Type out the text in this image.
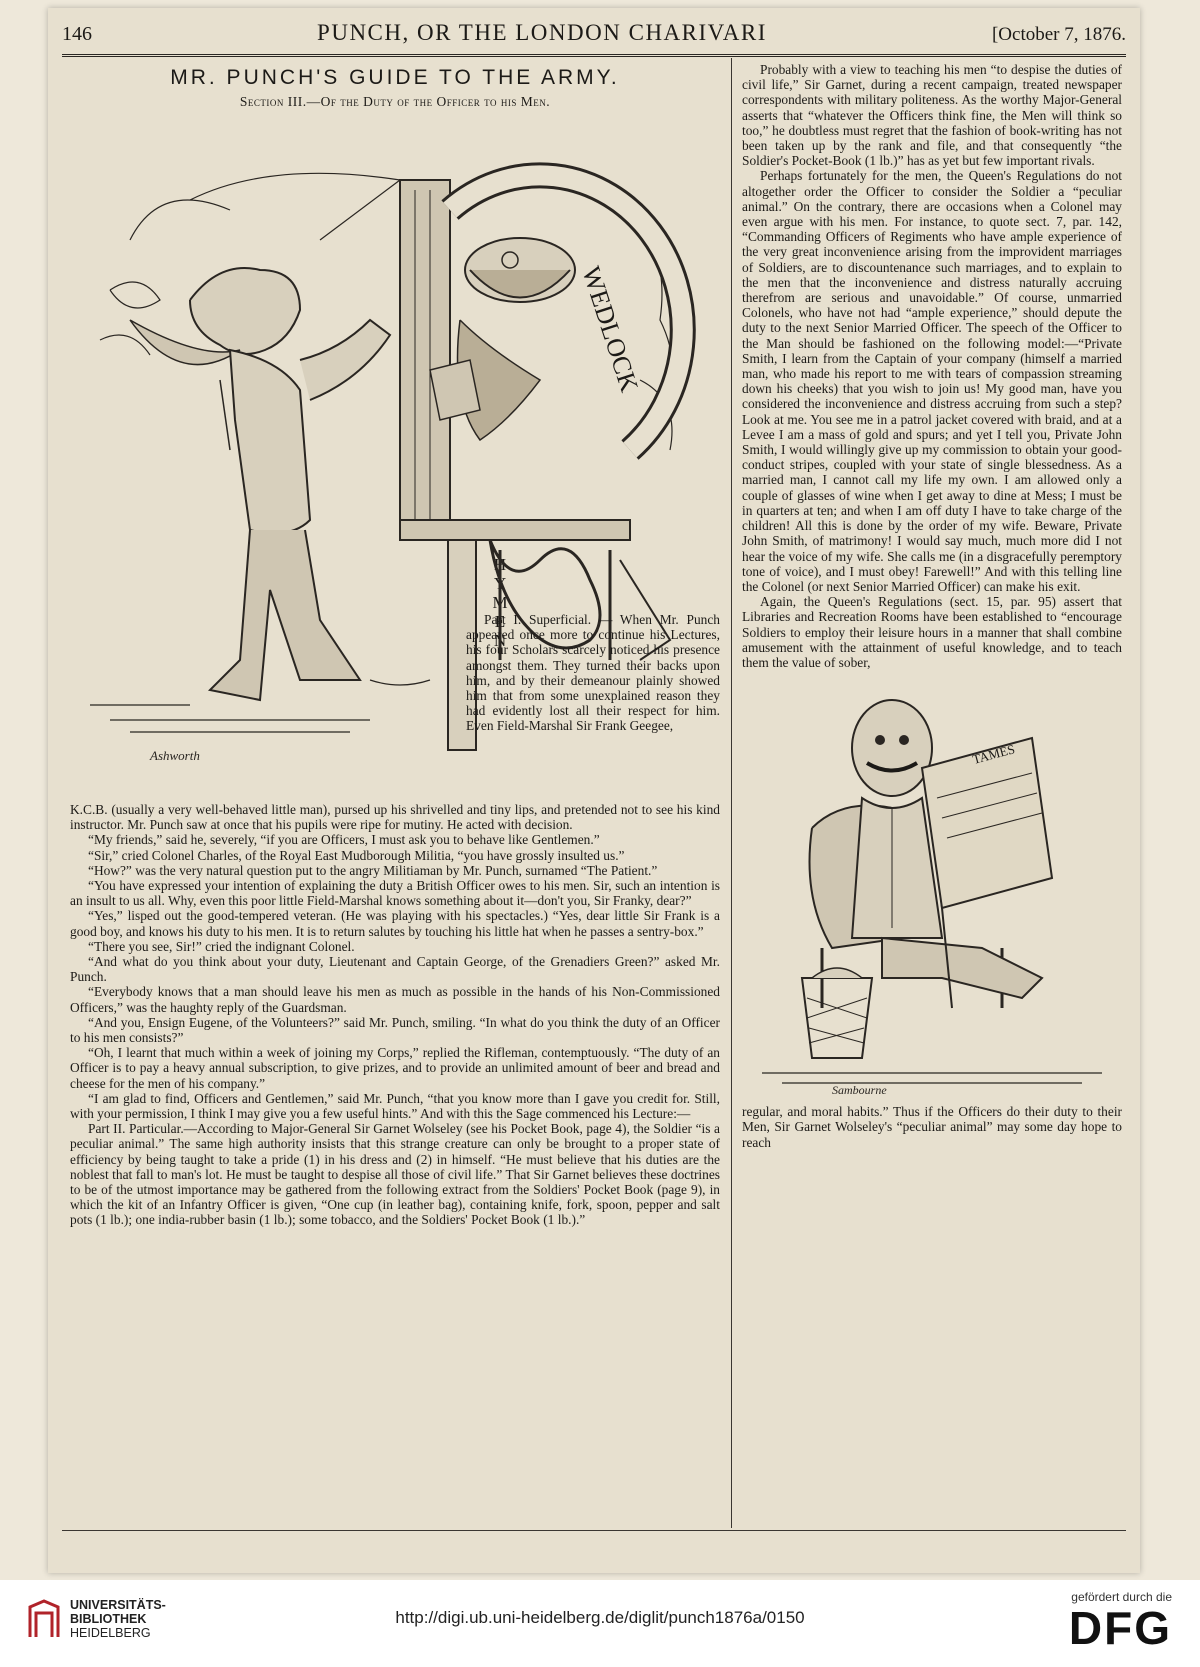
146	PUNCH, OR THE LONDON CHARIVARI	[October 7, 1876.
MR. PUNCH'S GUIDE TO THE ARMY.
Section III.—Of the Duty of the Officer to his Men.
WEDLOCK
HYMEN
Ashworth

Part I. Superficial. — When Mr. Punch appeared once more to continue his Lectures, his four Scholars scarcely noticed his presence amongst them. They turned their backs upon him, and by their demeanour plainly showed him that from some unexplained reason they had evidently lost all their respect for him. Even Field-Marshal Sir Frank Geegee,

K.C.B. (usually a very well-behaved little man), pursed up his shrivelled and tiny lips, and pretended not to see his kind instructor. Mr. Punch saw at once that his pupils were ripe for mutiny. He acted with decision.

“My friends,” said he, severely, “if you are Officers, I must ask you to behave like Gentlemen.”

“Sir,” cried Colonel Charles, of the Royal East Mudborough Militia, “you have grossly insulted us.”

“How?” was the very natural question put to the angry Militiaman by Mr. Punch, surnamed “The Patient.”

“You have expressed your intention of explaining the duty a British Officer owes to his men. Sir, such an intention is an insult to us all. Why, even this poor little Field-Marshal knows something about it—don't you, Sir Franky, dear?”

“Yes,” lisped out the good-tempered veteran. (He was playing with his spectacles.) “Yes, dear little Sir Frank is a good boy, and knows his duty to his men. It is to return salutes by touching his little hat when he passes a sentry-box.”

“There you see, Sir!” cried the indignant Colonel.

“And what do you think about your duty, Lieutenant and Captain George, of the Grenadiers Green?” asked Mr. Punch.

“Everybody knows that a man should leave his men as much as possible in the hands of his Non-Commissioned Officers,” was the haughty reply of the Guardsman.

“And you, Ensign Eugene, of the Volunteers?” said Mr. Punch, smiling. “In what do you think the duty of an Officer to his men consists?”

“Oh, I learnt that much within a week of joining my Corps,” replied the Rifleman, contemptuously. “The duty of an Officer is to pay a heavy annual subscription, to give prizes, and to provide an unlimited amount of beer and bread and cheese for the men of his company.”

“I am glad to find, Officers and Gentlemen,” said Mr. Punch, “that you know more than I gave you credit for. Still, with your permission, I think I may give you a few useful hints.” And with this the Sage commenced his Lecture:—

Part II. Particular.—According to Major-General Sir Garnet Wolseley (see his Pocket Book, page 4), the Soldier “is a peculiar animal.” The same high authority insists that this strange creature can only be brought to a proper state of efficiency by being taught to take a pride (1) in his dress and (2) in himself. “He must believe that his duties are the noblest that fall to man's lot. He must be taught to despise all those of civil life.” That Sir Garnet believes these doctrines to be of the utmost importance may be gathered from the following extract from the Soldiers' Pocket Book (page 9), in which the kit of an Infantry Officer is given, “One cup (in leather bag), containing knife, fork, spoon, pepper and salt pots (1 lb.); one india-rubber basin (1 lb.); some tobacco, and the Soldiers' Pocket Book (1 lb.).”

Probably with a view to teaching his men “to despise the duties of civil life,” Sir Garnet, during a recent campaign, treated newspaper correspondents with military politeness. As the worthy Major-General asserts that “whatever the Officers think fine, the Men will think so too,” he doubtless must regret that the fashion of book-writing has not been taken up by the rank and file, and that consequently “the Soldier's Pocket-Book (1 lb.)” has as yet but few important rivals.

Perhaps fortunately for the men, the Queen's Regulations do not altogether order the Officer to consider the Soldier a “peculiar animal.” On the contrary, there are occasions when a Colonel may even argue with his men. For instance, to quote sect. 7, par. 142, “Commanding Officers of Regiments who have ample experience of the very great inconvenience arising from the improvident marriages of Soldiers, are to discountenance such marriages, and to explain to the men that the inconvenience and distress naturally accruing therefrom are serious and unavoidable.” Of course, unmarried Colonels, who have not had “ample experience,” should depute the duty to the next Senior Married Officer. The speech of the Officer to the Man should be fashioned on the following model:—“Private Smith, I learn from the Captain of your company (himself a married man, who made his report to me with tears of compassion streaming down his cheeks) that you wish to join us! My good man, have you considered the inconvenience and distress accruing from such a step? Look at me. You see me in a patrol jacket covered with braid, and at a Levee I am a mass of gold and spurs; and yet I tell you, Private John Smith, I would willingly give up my commission to obtain your good-conduct stripes, coupled with your state of single blessedness. As a married man, I cannot call my life my own. I am allowed only a couple of glasses of wine when I get away to dine at Mess; I must be in quarters at ten; and when I am off duty I have to take charge of the children! All this is done by the order of my wife. Beware, Private John Smith, of matrimony! I would say much, much more did I not hear the voice of my wife. She calls me (in a disgracefully peremptory tone of voice), and I must obey! Farewell!” And with this telling line the Colonel (or next Senior Married Officer) can make his exit.

Again, the Queen's Regulations (sect. 15, par. 95) assert that Libraries and Recreation Rooms have been established to “encourage Soldiers to employ their leisure hours in a manner that shall combine amusement with the attainment of useful knowledge, and to teach them the value of sober,

TAMES
Sambourne

regular, and moral habits.” Thus if the Officers do their duty to their Men, Sir Garnet Wolseley's “peculiar animal” may some day hope to reach

UNIVERSITÄTS-
BIBLIOTHEK
HEIDELBERG
http://digi.ub.uni-heidelberg.de/diglit/punch1876a/0150
gefördert durch die
DFG
